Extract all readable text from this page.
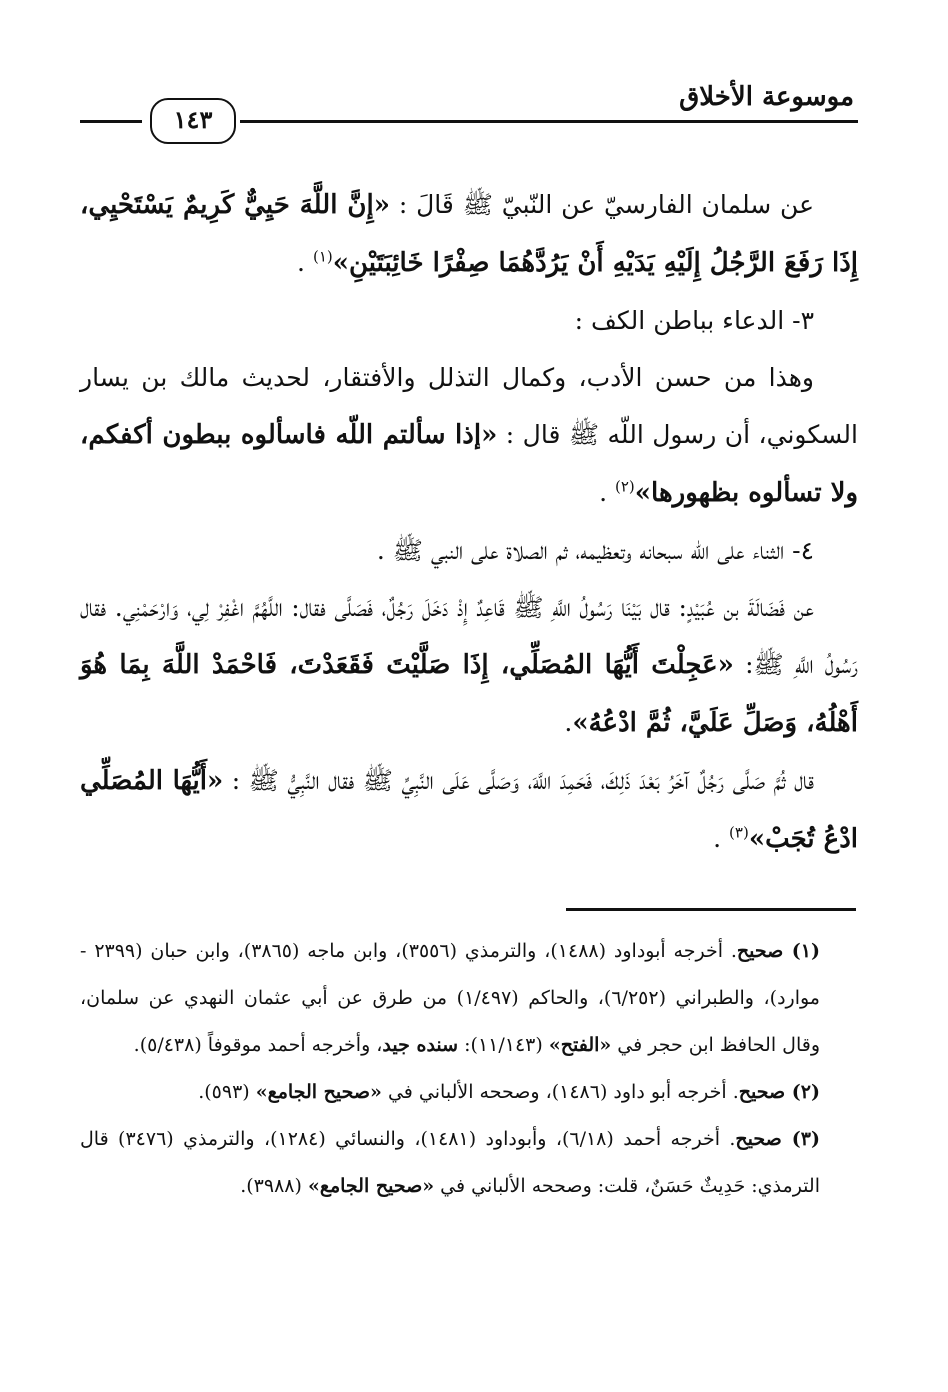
موسوعة الأخلاق
١٤٣

عن سلمان الفارسيّ عن النّبيّ ﷺ قَالَ : «إِنَّ اللَّهَ حَيِيٌّ كَرِيمٌ يَسْتَحْيِي، إِذَا رَفَعَ الرَّجُلُ إِلَيْهِ يَدَيْهِ أَنْ يَرُدَّهُمَا صِفْرًا خَائِبَتَيْنِ»$^{(١)}$ .

٣- الدعاء بباطن الكف :

وهذا من حسن الأدب، وكمال التذلل والأفتقار، لحديث مالك بن يسار السكوني، أن رسول اللّه ﷺ قال : «إذا سألتم اللّه فاسألوه ببطون أكفكم، ولا تسألوه بظهورها»$^{(٢)}$ .

٤- الثناء على اللّه سبحانه وتعظيمه، ثم الصلاة على النبي ﷺ .

عن فَضَالَةَ بن عُبَيْدٍ: قال بَيْنَا رَسُولُ اللَّهِ ﷺ قَاعِدٌ إِذْ دَخَلَ رَجُلٌ، فَصَلَّى فقال: اللَّهُمَّ اغْفِرْ لِي، وَارْحَمْنِي. فقال رَسُولُ اللَّهِ ﷺ: «عَجِلْتَ أَيُّهَا المُصَلِّي، إِذَا صَلَّيْتَ فَقَعَدْتَ، فَاحْمَدْ اللَّهَ بِمَا هُوَ أَهْلُهُ، وَصَلِّ عَلَيَّ، ثُمَّ ادْعُهُ».

قال ثُمَّ صَلَّى رَجُلٌ آخَرُ بَعْدَ ذَلِكَ، فَحَمِدَ اللَّهَ، وَصَلَّى عَلَى النَّبِيِّ ﷺ فقال النَّبِيُّ ﷺ : «أَيُّهَا المُصَلِّي ادْعُ تُجَبْ»$^{(٣)}$ .

(١) صحيح. أخرجه أبوداود (١٤٨٨)، والترمذي (٣٥٥٦)، وابن ماجه (٣٨٦٥)، وابن حبان (٢٣٩٩ - موارد)، والطبراني (٦/٢٥٢)، والحاكم (١/٤٩٧) من طرق عن أبي عثمان النهدي عن سلمان، وقال الحافظ ابن حجر في «الفتح» (١١/١٤٣): سنده جيد، وأخرجه أحمد موقوفاً (٥/٤٣٨).

(٢) صحيح. أخرجه أبو داود (١٤٨٦)، وصححه الألباني في «صحيح الجامع» (٥٩٣).

(٣) صحيح. أخرجه أحمد (٦/١٨)، وأبوداود (١٤٨١)، والنسائي (١٢٨٤)، والترمذي (٣٤٧٦) قال الترمذي: حَدِيثٌ حَسَنٌ، قلت: وصححه الألباني في «صحيح الجامع» (٣٩٨٨).
